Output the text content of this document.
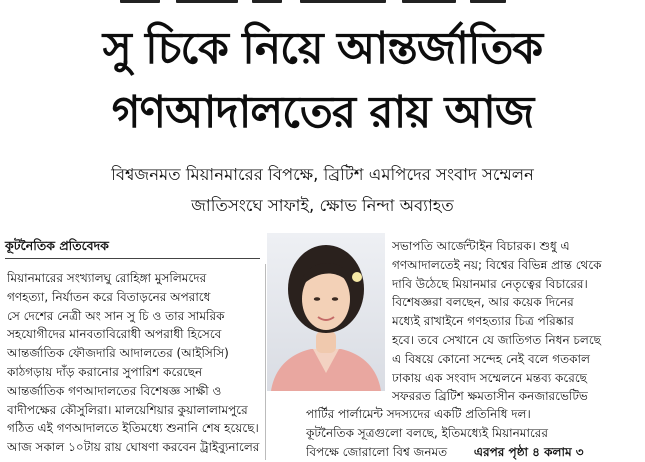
সু চিকে নিয়ে আন্তর্জাতিক
গণআদালতের রায় আজ
বিশ্বজনমত মিয়ানমারের বিপক্ষে, ব্রিটিশ এমপিদের সংবাদ সম্মেলন
জাতিসংঘে সাফাই, ক্ষোভ নিন্দা অব্যাহত
কূটনৈতিক প্রতিবেদক
মিয়ানমারের সংখ্যালঘু রোহিঙ্গা মুসলিমদের
গণহত্যা, নির্যাতন করে বিতাড়নের অপরাধে
সে দেশের নেত্রী অং সান সু চি ও তার সামরিক
সহযোগীদের মানবতাবিরোধী অপরাধী হিসেবে
আন্তর্জাতিক ফৌজদারি আদালতের (আইসিসি)
কাঠগড়ায় দাঁড় করানোর সুপারিশ করেছেন
আন্তর্জাতিক গণআদালতের বিশেষজ্ঞ সাক্ষী ও
বাদীপক্ষের কৌসুলিরা। মালয়েশিয়ার কুয়ালালামপুরে
গঠিত এই গণআদালতে ইতিমধ্যে শুনানি শেষ হয়েছে।
আজ সকাল ১০টায় রায় ঘোষণা করবেন ট্রাইব্যুনালের
সভাপতি আর্জেন্টাইন বিচারক। শুধু এ
গণআদালতেই নয়; বিশ্বের বিভিন্ন প্রান্ত থেকে
দাবি উঠেছে মিয়ানমার নেতৃত্বের বিচারের।
বিশেষজ্ঞরা বলছেন, আর কয়েক দিনের
মধ্যেই রাখাইনে গণহত্যার চিত্র পরিষ্কার
হবে। তবে সেখানে যে জাতিগত নিধন চলছে
এ বিষয়ে কোনো সন্দেহ নেই বলে গতকাল
ঢাকায় এক সংবাদ সম্মেলনে মন্তব্য করেছে
সফররত ব্রিটিশ ক্ষমতাসীন কনজারভেটিভ
পার্টির পার্লামেন্ট সদস্যদের একটি প্রতিনিধি দল।
কূটনৈতিক সূত্রগুলো বলছে, ইতিমধ্যেই মিয়ানমারের
বিপক্ষে জোরালো বিশ্ব জনমত এরপর পৃষ্ঠা ৪ কলাম ৩
